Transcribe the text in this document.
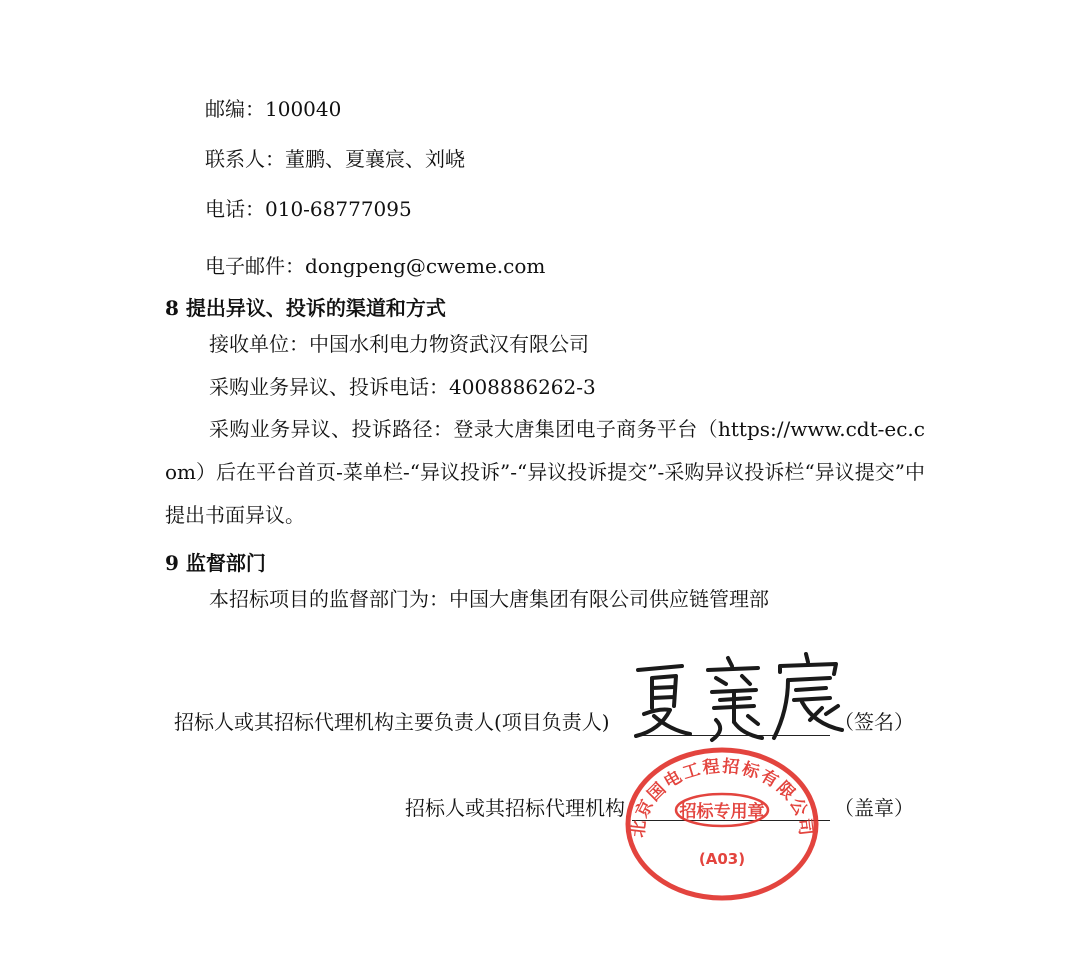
邮编：100040
联系人：董鹏、夏襄宸、刘峣
电话：010-68777095
电子邮件：dongpeng@cweme.com
8 提出异议、投诉的渠道和方式
接收单位：中国水利电力物资武汉有限公司
采购业务异议、投诉电话：4008886262-3
采购业务异议、投诉路径：登录大唐集团电子商务平台（https://www.cdt-ec.com）后在平台首页-菜单栏-“异议投诉”-“异议投诉提交”-采购异议投诉栏“异议提交”中提出书面异议。
9 监督部门
本招标项目的监督部门为：中国大唐集团有限公司供应链管理部
招标人或其招标代理机构主要负责人(项目负责人)	（签名）
招标人或其招标代理机构	（盖章）
北京国电工程招标有限公司
招标专用章
(A03)
